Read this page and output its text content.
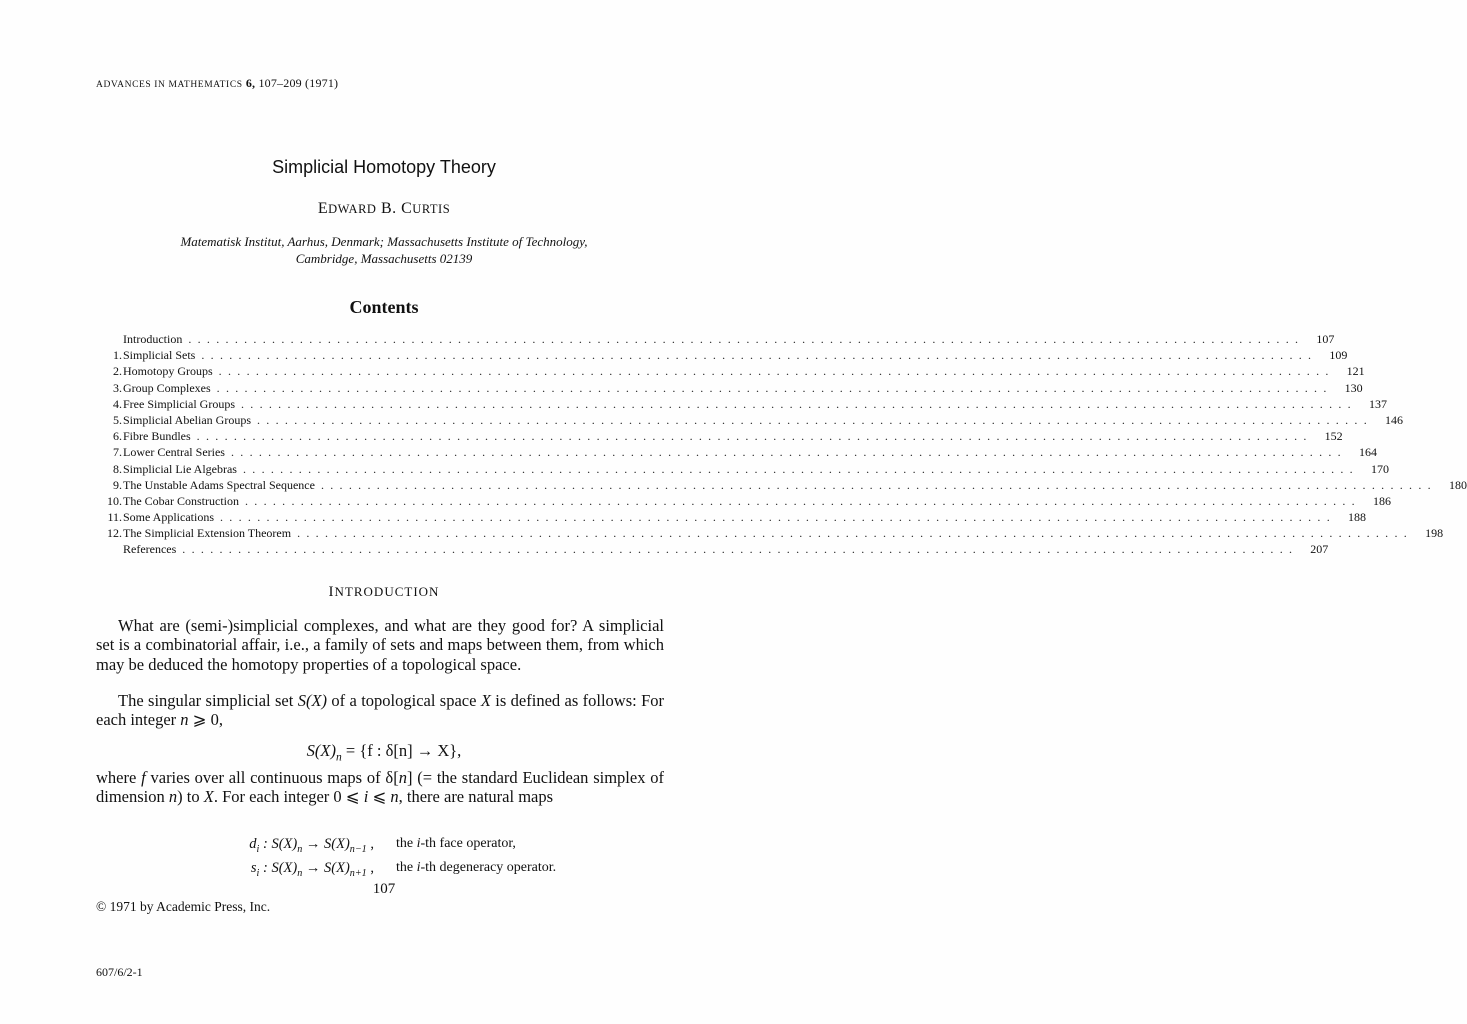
ADVANCES IN MATHEMATICS 6, 107–209 (1971)
Simplicial Homotopy Theory
EDWARD B. CURTIS
Matematisk Institut, Aarhus, Denmark; Massachusetts Institute of Technology,
Cambridge, Massachusetts 02139
Contents
Introduction ........................................................................................................................	107
1. Simplicial Sets ........................................................................................................................	109
2. Homotopy Groups ........................................................................................................................	121
3. Group Complexes ........................................................................................................................	130
4. Free Simplicial Groups ........................................................................................................................	137
5. Simplicial Abelian Groups ........................................................................................................................	146
6. Fibre Bundles ........................................................................................................................	152
7. Lower Central Series ........................................................................................................................	164
8. Simplicial Lie Algebras ........................................................................................................................	170
9. The Unstable Adams Spectral Sequence ........................................................................................................................	180
10. The Cobar Construction ........................................................................................................................	186
11. Some Applications ........................................................................................................................	188
12. The Simplicial Extension Theorem ........................................................................................................................	198
References ........................................................................................................................	207
INTRODUCTION
What are (semi-)simplicial complexes, and what are they good for? A simplicial set is a combinatorial affair, i.e., a family of sets and maps between them, from which may be deduced the homotopy properties of a topological space.
The singular simplicial set S(X) of a topological space X is defined as follows: For each integer n ⩾ 0,
$S(X)_n = \{f$ : δ[n] → X},
where f varies over all continuous maps of δ[n] (= the standard Euclidean simplex of dimension n) to X. For each integer 0 ⩽ i ⩽ n, there are natural maps
$d_i$ : $S(X)_n \to S(X)_{n-1}$ ,	the i-th face operator,
$s_i$ : $S(X)_n \to S(X)_{n+1}$ ,	the i-th degeneracy operator.
107
© 1971 by Academic Press, Inc.
607/6/2-1
